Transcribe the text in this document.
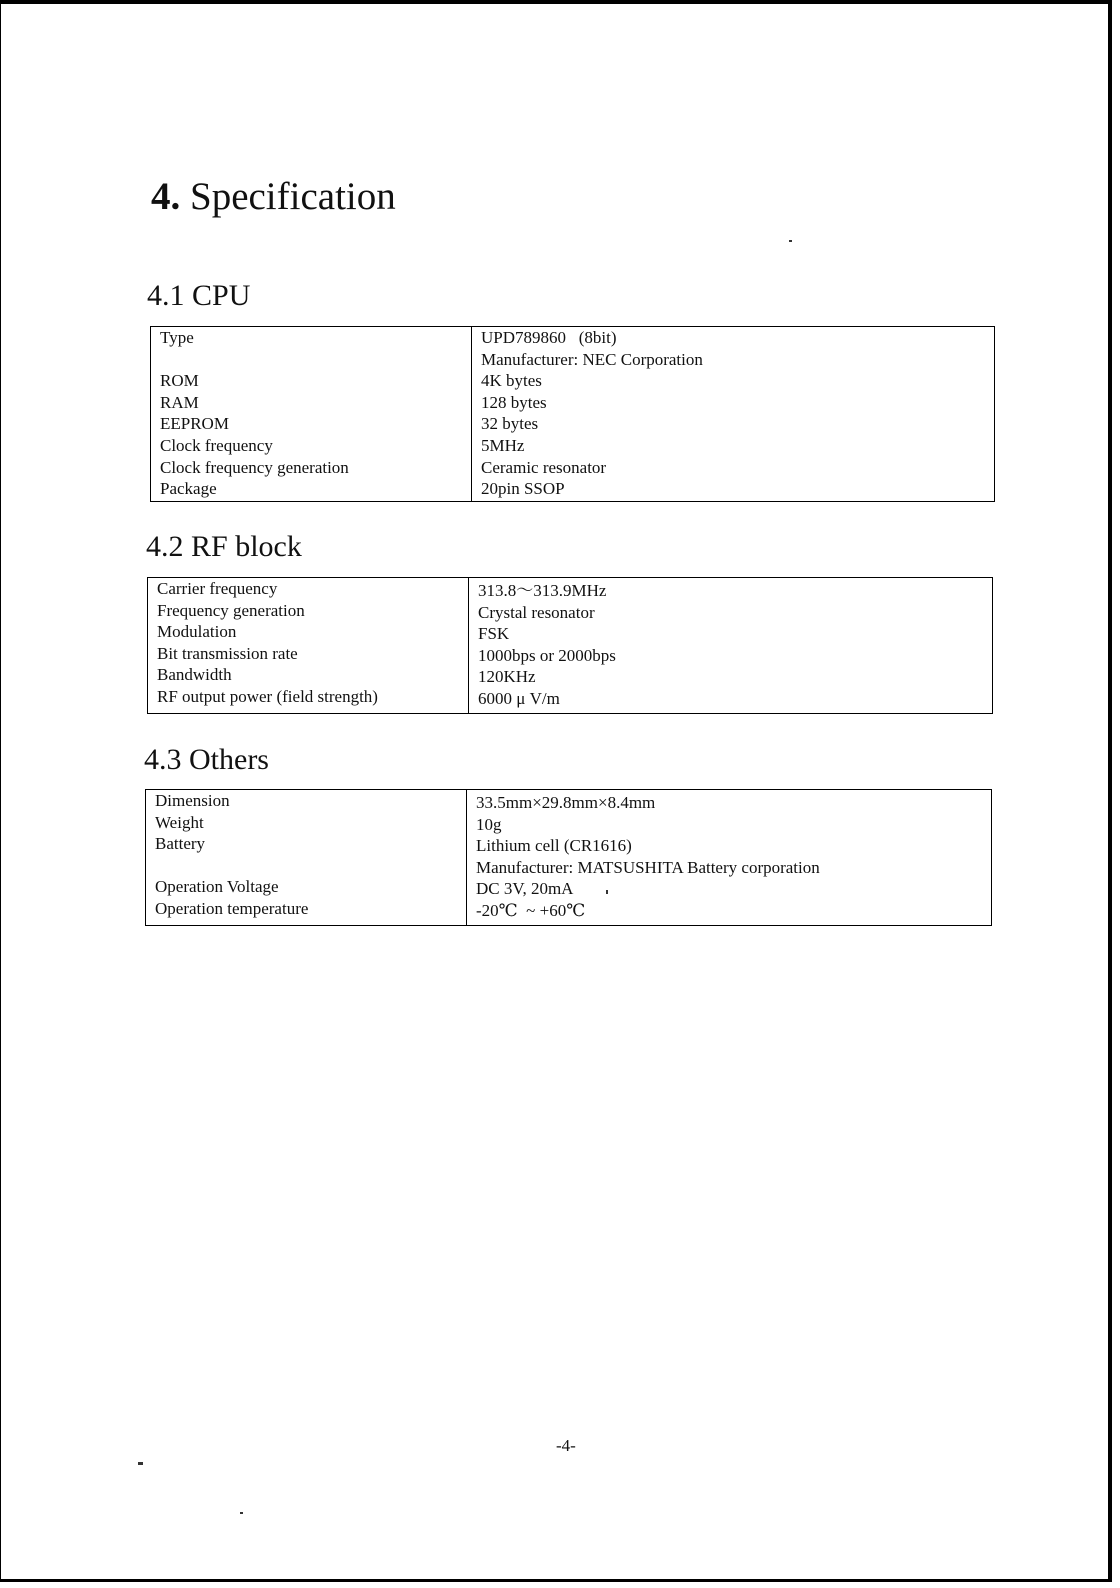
4. Specification
4.1 CPU
Type
ROM
RAM
EEPROM
Clock frequency
Clock frequency generation
Package
UPD789860   (8bit)
Manufacturer: NEC Corporation
4K bytes
128 bytes
32 bytes
5MHz
Ceramic resonator
20pin SSOP
4.2 RF block
Carrier frequency
Frequency generation
Modulation
Bit transmission rate
Bandwidth
RF output power (field strength)
313.8〜313.9MHz
Crystal resonator
FSK
1000bps or 2000bps
120KHz
6000 μ V/m
4.3 Others
Dimension
Weight
Battery
Operation Voltage
Operation temperature
33.5mm×29.8mm×8.4mm
10g
Lithium cell (CR1616)
Manufacturer: MATSUSHITA Battery corporation
DC 3V, 20mA
-20℃  ~ +60℃
-4-
